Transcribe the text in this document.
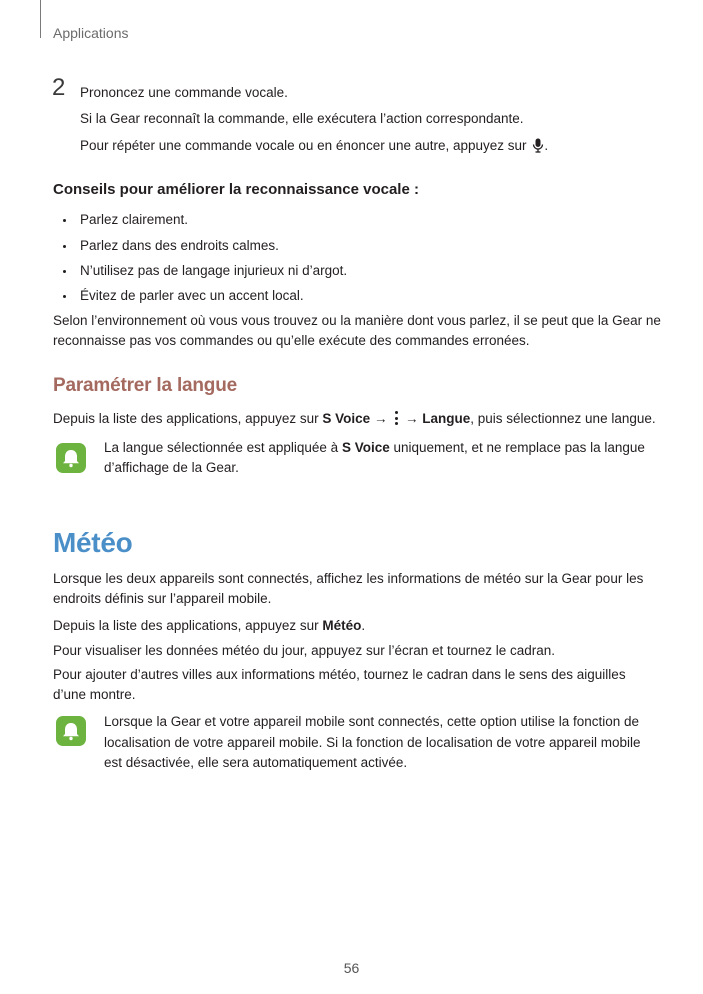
Applications
2 Prononcez une commande vocale.
Si la Gear reconnaît la commande, elle exécutera l’action correspondante.
Pour répéter une commande vocale ou en énoncer une autre, appuyez sur .
Conseils pour améliorer la reconnaissance vocale :
Parlez clairement.
Parlez dans des endroits calmes.
N’utilisez pas de langage injurieux ni d’argot.
Évitez de parler avec un accent local.
Selon l’environnement où vous vous trouvez ou la manière dont vous parlez, il se peut que la Gear ne
reconnaisse pas vos commandes ou qu’elle exécute des commandes erronées.
Paramétrer la langue
Depuis la liste des applications, appuyez sur S Voice →
→ Langue, puis sélectionnez une langue.
La langue sélectionnée est appliquée à S Voice uniquement, et ne remplace pas la langue
d’affichage de la Gear.
Météo
Lorsque les deux appareils sont connectés, affichez les informations de météo sur la Gear pour les
endroits définis sur l’appareil mobile.
Depuis la liste des applications, appuyez sur Météo.
Pour visualiser les données météo du jour, appuyez sur l’écran et tournez le cadran.
Pour ajouter d’autres villes aux informations météo, tournez le cadran dans le sens des aiguilles
d’une montre.
Lorsque la Gear et votre appareil mobile sont connectés, cette option utilise la fonction de
localisation de votre appareil mobile. Si la fonction de localisation de votre appareil mobile
est désactivée, elle sera automatiquement activée.
56
